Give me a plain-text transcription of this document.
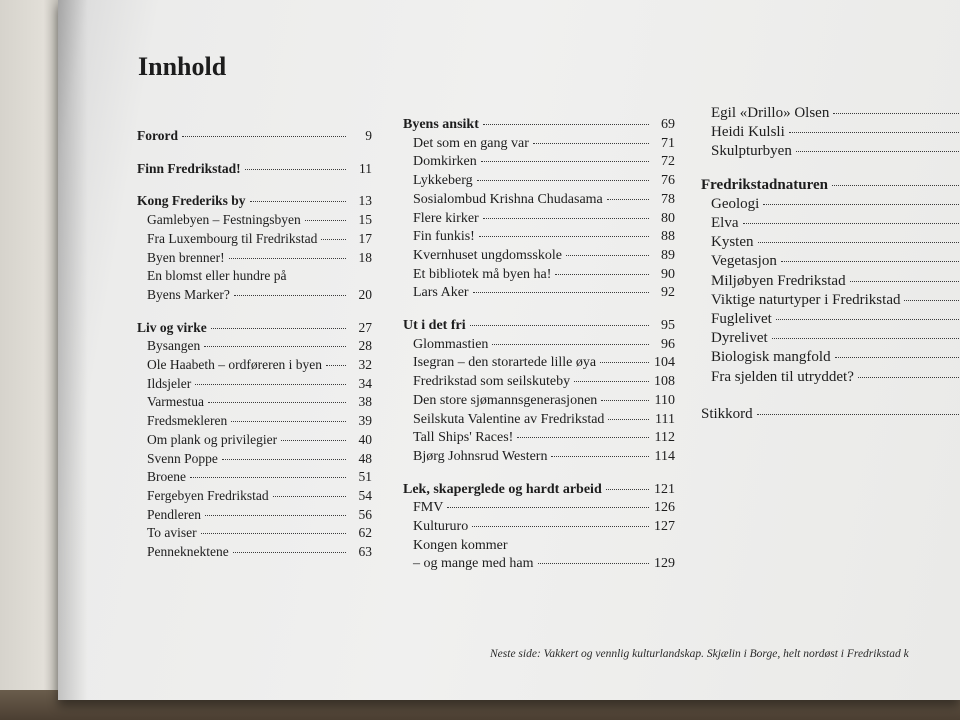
Innhold
Forord	9
Finn Fredrikstad!	11
Kong Frederiks by	13
Gamlebyen – Festningsbyen	15
Fra Luxembourg til Fredrikstad	17
Byen brenner!	18
En blomst eller hundre på
Byens Marker?	20
Liv og virke	27
Bysangen	28
Ole Haabeth – ordføreren i byen	32
Ildsjeler	34
Varmestua	38
Fredsmekleren	39
Om plank og privilegier	40
Svenn Poppe	48
Broene	51
Fergebyen Fredrikstad	54
Pendleren	56
To aviser	62
Penneknektene	63
Byens ansikt	69
Det som en gang var	71
Domkirken	72
Lykkeberg	76
Sosialombud Krishna Chudasama	78
Flere kirker	80
Fin funkis!	88
Kvernhuset ungdomsskole	89
Et bibliotek må byen ha!	90
Lars Aker	92
Ut i det fri	95
Glommastien	96
Isegran – den storartede lille øya	104
Fredrikstad som seilskuteby	108
Den store sjømannsgenerasjonen	110
Seilskuta Valentine av Fredrikstad	111
Tall Ships' Races!	112
Bjørg Johnsrud Western	114
Lek, skaperglede og hardt arbeid	121
FMV	126
Kultururo	127
Kongen kommer
– og mange med ham	129
Egil «Drillo» Olsen
Heidi Kulsli
Skulpturbyen
Fredrikstadnaturen
Geologi
Elva
Kysten
Vegetasjon
Miljøbyen Fredrikstad
Viktige naturtyper i Fredrikstad
Fuglelivet
Dyrelivet
Biologisk mangfold
Fra sjelden til utryddet?
Stikkord
Neste side: Vakkert og vennlig kulturlandskap. Skjælin i Borge, helt nordøst i Fredrikstad k
